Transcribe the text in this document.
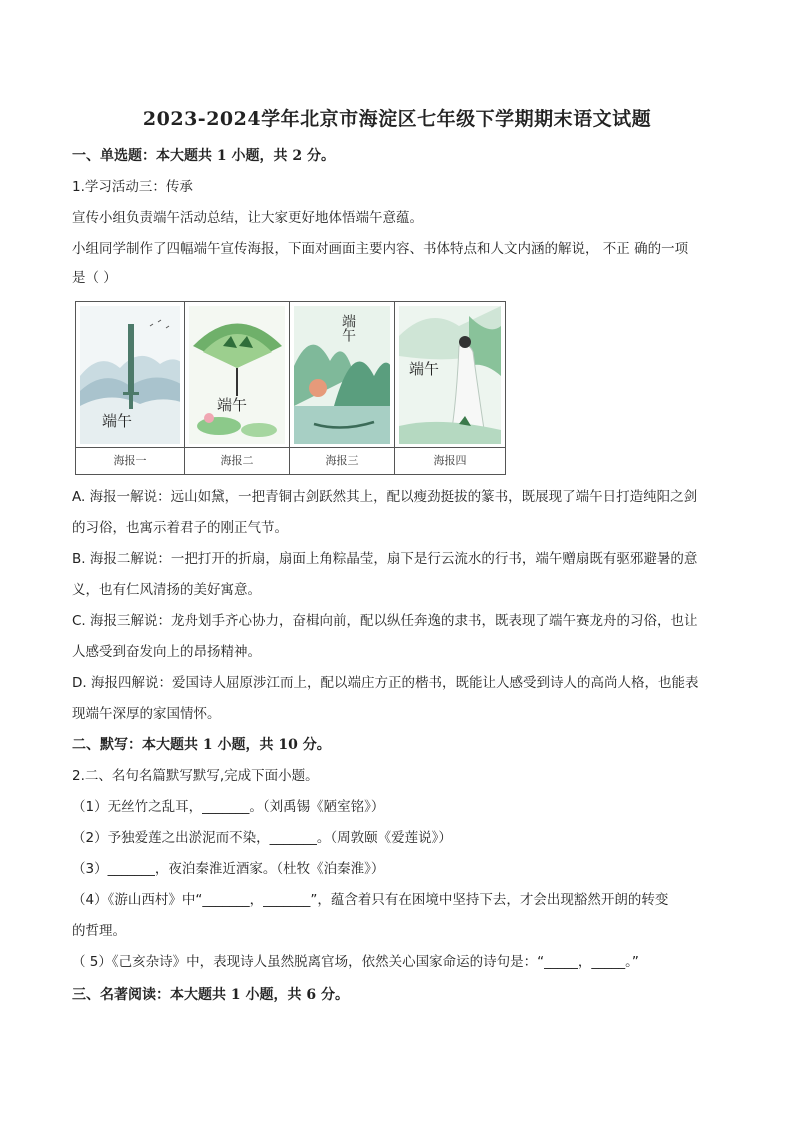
2023-2024学年北京市海淀区七年级下学期期末语文试题
一、单选题：本大题共 1 小题，共 2 分。
1.学习活动三：传承
宣传小组负责端午活动总结，让大家更好地体悟端午意蕴。
小组同学制作了四幅端午宣传海报，下面对画面主要内容、书体特点和人文内涵的解说， 不正 确的一项
是（ ）
端午
海报一
端午
海报二
端午
海报三
端午
海报四
A. 海报一解说：远山如黛，一把青铜古剑跃然其上，配以瘦劲挺拔的篆书，既展现了端午日打造纯阳之剑
的习俗，也寓示着君子的刚正气节。
B. 海报二解说：一把打开的折扇，扇面上角粽晶莹，扇下是行云流水的行书，端午赠扇既有驱邪避暑的意
义，也有仁风清扬的美好寓意。
C. 海报三解说：龙舟划手齐心协力，奋楫向前，配以纵任奔逸的隶书，既表现了端午赛龙舟的习俗，也让
人感受到奋发向上的昂扬精神。
D. 海报四解说：爱国诗人屈原涉江而上，配以端庄方正的楷书，既能让人感受到诗人的高尚人格，也能表
现端午深厚的家国情怀。
二、默写：本大题共 1 小题，共 10 分。
2.二、名句名篇默写默写,完成下面小题。
（1）无丝竹之乱耳，_______。（刘禹锡《陋室铭》）
（2）予独爱莲之出淤泥而不染，_______。（周敦颐《爱莲说》）
（3）_______，夜泊秦淮近酒家。（杜牧《泊秦淮》）
（4）《游山西村》中“_______，_______”，蕴含着只有在困境中坚持下去，才会出现豁然开朗的转变
的哲理。
（ 5）《己亥杂诗》中，表现诗人虽然脱离官场，依然关心国家命运的诗句是：“_____，_____。”
三、名著阅读：本大题共 1 小题，共 6 分。
